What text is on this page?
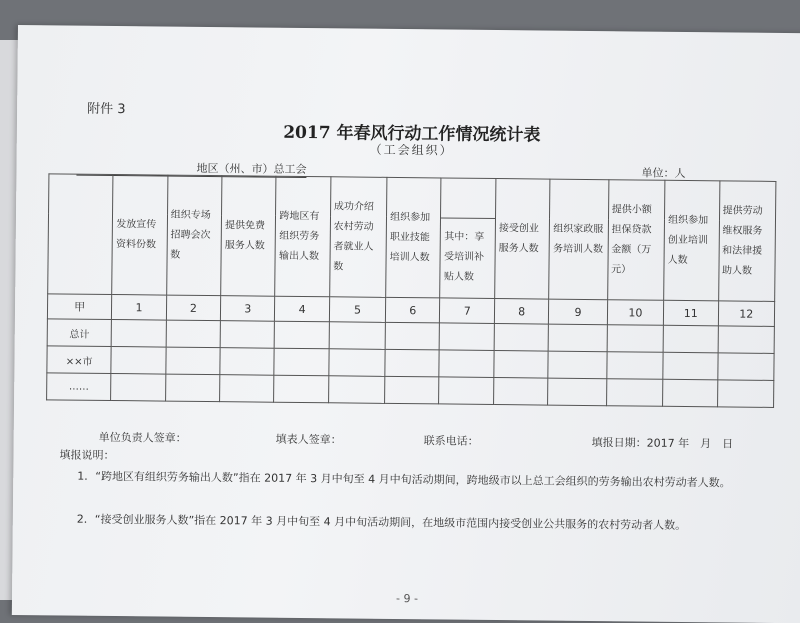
附件 3
2017 年春风行动工作情况统计表
（工会组织）
地区（州、市）总工会	单位：人
	发放宣传资料份数	组织专场招聘会次数	提供免费服务人数	跨地区有组织劳务输出人数	成功介绍农村劳动者就业人数	组织参加职业技能培训人数		接受创业服务人数	组织家政服务培训人数	提供小额担保贷款金额（万元）	组织参加创业培训人数	提供劳动维权服务和法律援助人数
							其中：享受培训补贴人数					
甲	1	2	3	4	5	6	7	8	9	10	11	12
总计												
××市												
……												
单位负责人签章：	填表人签章：	联系电话：	填报日期：2017 年　月　日
填报说明：
1．“跨地区有组织劳务输出人数”指在 2017 年 3 月中旬至 4 月中旬活动期间，跨地级市以上总工会组织的劳务输出农村劳动者人数。
2．“接受创业服务人数”指在 2017 年 3 月中旬至 4 月中旬活动期间，在地级市范围内接受创业公共服务的农村劳动者人数。
- 9 -
